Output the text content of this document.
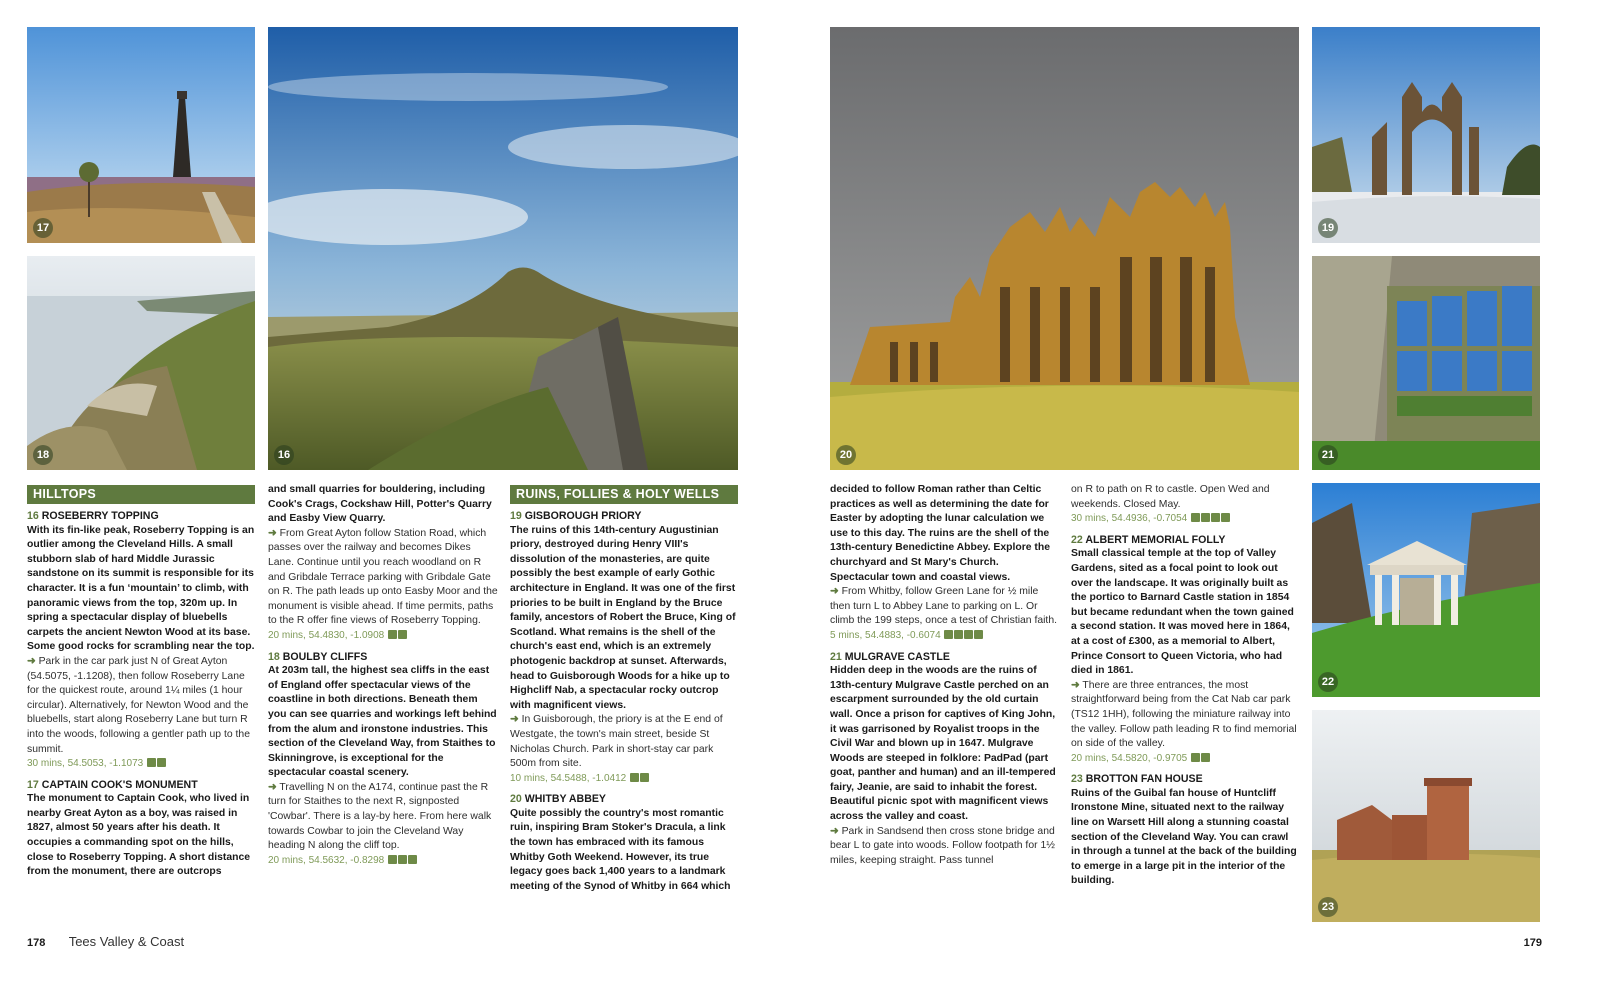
17
18	16	20
19
21
22
23
HILLTOPS
16 ROSEBERRY TOPPING
With its fin-like peak, Roseberry Topping is an outlier among the Cleveland Hills. A small stubborn slab of hard Middle Jurassic sandstone on its summit is responsible for its character. It is a fun ‘mountain’ to climb, with panoramic views from the top, 320m up. In spring a spectacular display of bluebells carpets the ancient Newton Wood at its base. Some good rocks for scrambling near the top.
➜ Park in the car park just N of Great Ayton (54.5075, -1.1208), then follow Roseberry Lane for the quickest route, around 1¼ miles (1 hour circular). Alternatively, for Newton Wood and the bluebells, start along Roseberry Lane but turn R into the woods, following a gentler path up to the summit.
30 mins, 54.5053, -1.1073
17 CAPTAIN COOK'S MONUMENT
The monument to Captain Cook, who lived in nearby Great Ayton as a boy, was raised in 1827, almost 50 years after his death. It occupies a commanding spot on the hills, close to Roseberry Topping. A short distance from the monument, there are outcrops
and small quarries for bouldering, including Cook's Crags, Cockshaw Hill, Potter's Quarry and Easby View Quarry.
➜ From Great Ayton follow Station Road, which passes over the railway and becomes Dikes Lane. Continue until you reach woodland on R and Gribdale Terrace parking with Gribdale Gate on R. The path leads up onto Easby Moor and the monument is visible ahead. If time permits, paths to the R offer fine views of Roseberry Topping.
20 mins, 54.4830, -1.0908
18 BOULBY CLIFFS
At 203m tall, the highest sea cliffs in the east of England offer spectacular views of the coastline in both directions. Beneath them you can see quarries and workings left behind from the alum and ironstone industries. This section of the Cleveland Way, from Staithes to Skinningrove, is exceptional for the spectacular coastal scenery.
➜ Travelling N on the A174, continue past the R turn for Staithes to the next R, signposted 'Cowbar'. There is a lay-by here. From here walk towards Cowbar to join the Cleveland Way heading N along the cliff top.
20 mins, 54.5632, -0.8298
RUINS, FOLLIES & HOLY WELLS
19 GISBOROUGH PRIORY
The ruins of this 14th-century Augustinian priory, destroyed during Henry VIII's dissolution of the monasteries, are quite possibly the best example of early Gothic architecture in England. It was one of the first priories to be built in England by the Bruce family, ancestors of Robert the Bruce, King of Scotland. What remains is the shell of the church's east end, which is an extremely photogenic backdrop at sunset. Afterwards, head to Guisborough Woods for a hike up to Highcliff Nab, a spectacular rocky outcrop with magnificent views.
➜ In Guisborough, the priory is at the E end of Westgate, the town's main street, beside St Nicholas Church. Park in short-stay car park 500m from site.
10 mins, 54.5488, -1.0412
20 WHITBY ABBEY
Quite possibly the country's most romantic ruin, inspiring Bram Stoker's Dracula, a link the town has embraced with its famous Whitby Goth Weekend. However, its true legacy goes back 1,400 years to a landmark meeting of the Synod of Whitby in 664 which
decided to follow Roman rather than Celtic practices as well as determining the date for Easter by adopting the lunar calculation we use to this day. The ruins are the shell of the 13th-century Benedictine Abbey. Explore the churchyard and St Mary's Church. Spectacular town and coastal views.
➜ From Whitby, follow Green Lane for ½ mile then turn L to Abbey Lane to parking on L. Or climb the 199 steps, once a test of Christian faith.
5 mins, 54.4883, -0.6074
21 MULGRAVE CASTLE
Hidden deep in the woods are the ruins of 13th-century Mulgrave Castle perched on an escarpment surrounded by the old curtain wall. Once a prison for captives of King John, it was garrisoned by Royalist troops in the Civil War and blown up in 1647. Mulgrave Woods are steeped in folklore: PadPad (part goat, panther and human) and an ill-tempered fairy, Jeanie, are said to inhabit the forest. Beautiful picnic spot with magnificent views across the valley and coast.
➜ Park in Sandsend then cross stone bridge and bear L to gate into woods. Follow footpath for 1½ miles, keeping straight. Pass tunnel
on R to path on R to castle. Open Wed and weekends. Closed May.
30 mins, 54.4936, -0.7054
22 ALBERT MEMORIAL FOLLY
Small classical temple at the top of Valley Gardens, sited as a focal point to look out over the landscape. It was originally built as the portico to Barnard Castle station in 1854 but became redundant when the town gained a second station. It was moved here in 1864, at a cost of £300, as a memorial to Albert, Prince Consort to Queen Victoria, who had died in 1861.
➜ There are three entrances, the most straightforward being from the Cat Nab car park (TS12 1HH), following the miniature railway into the valley. Follow path leading R to find memorial on side of the valley.
20 mins, 54.5820, -0.9705
23 BROTTON FAN HOUSE
Ruins of the Guibal fan house of Huntcliff Ironstone Mine, situated next to the railway line on Warsett Hill along a stunning coastal section of the Cleveland Way. You can crawl in through a tunnel at the back of the building to emerge in a large pit in the interior of the building.
178 Tees Valley & Coast	179
